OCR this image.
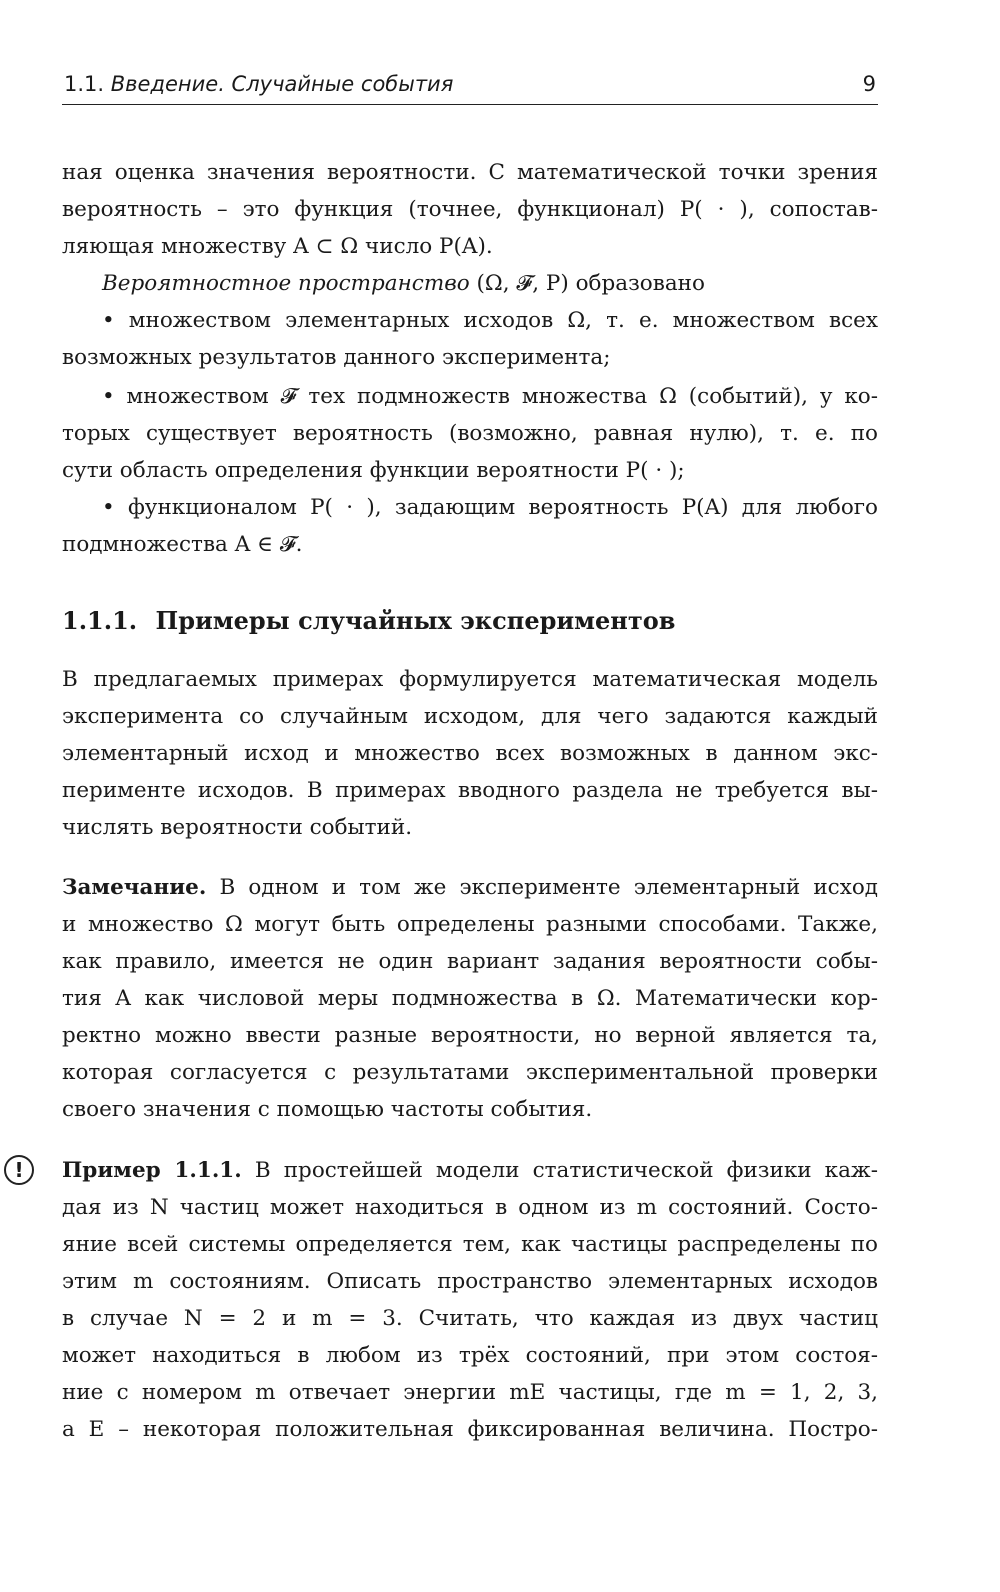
1.1. Введение. Случайные события	9
ная оценка значения вероятности. С математической точки зрения
вероятность – это функция (точнее, функционал) P( · ), сопостав-
ляющая множеству A ⊂ Ω число P(A).
Вероятностное пространство (Ω, 𝓕, P) образовано
• множеством элементарных исходов Ω, т. е. множеством всех
возможных результатов данного эксперимента;
• множеством 𝓕 тех подмножеств множества Ω (событий), у ко-
торых существует вероятность (возможно, равная нулю), т. е. по
сути область определения функции вероятности P( · );
• функционалом P( · ), задающим вероятность P(A) для любого
подмножества A ∈ 𝓕.
1.1.1. Примеры случайных экспериментов
В предлагаемых примерах формулируется математическая модель
эксперимента со случайным исходом, для чего задаются каждый
элементарный исход и множество всех возможных в данном экс-
перименте исходов. В примерах вводного раздела не требуется вы-
числять вероятности событий.
Замечание. В одном и том же эксперименте элементарный исход
и множество Ω могут быть определены разными способами. Также,
как правило, имеется не один вариант задания вероятности собы-
тия A как числовой меры подмножества в Ω. Математически кор-
ректно можно ввести разные вероятности, но верной является та,
которая согласуется с результатами экспериментальной проверки
своего значения с помощью частоты события.
!	Пример 1.1.1. В простейшей модели статистической физики каж-
дая из N частиц может находиться в одном из m состояний. Состо-
яние всей системы определяется тем, как частицы распределены по
этим m состояниям. Описать пространство элементарных исходов
в случае N = 2 и m = 3. Считать, что каждая из двух частиц
может находиться в любом из трёх состояний, при этом состоя-
ние с номером m отвечает энергии mE частицы, где m = 1, 2, 3,
а E – некоторая положительная фиксированная величина. Постро-
